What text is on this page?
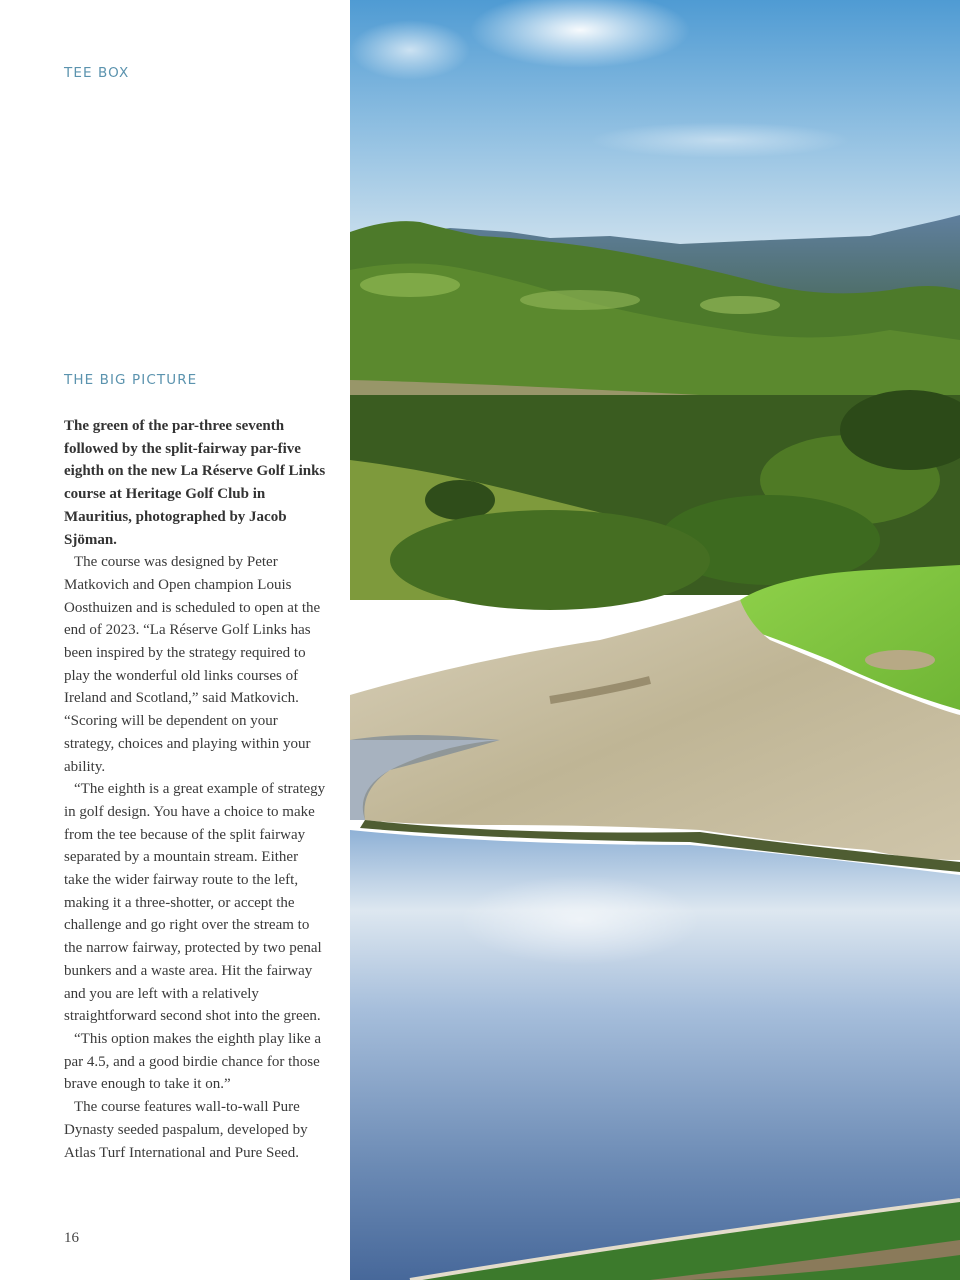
TEE BOX
THE BIG PICTURE

The green of the par-three seventh followed by the split-fairway par-five eighth on the new La Réserve Golf Links course at Heritage Golf Club in Mauritius, photographed by Jacob Sjöman.

The course was designed by Peter Matkovich and Open champion Louis Oosthuizen and is scheduled to open at the end of 2023. “La Réserve Golf Links has been inspired by the strategy required to play the wonderful old links courses of Ireland and Scotland,” said Matkovich. “Scoring will be dependent on your strategy, choices and playing within your ability.

“The eighth is a great example of strategy in golf design. You have a choice to make from the tee because of the split fairway separated by a mountain stream. Either take the wider fairway route to the left, making it a three-shotter, or accept the challenge and go right over the stream to the narrow fairway, protected by two penal bunkers and a waste area. Hit the fairway and you are left with a relatively straightforward second shot into the green.

“This option makes the eighth play like a par 4.5, and a good birdie chance for those brave enough to take it on.”

The course features wall-to-wall Pure Dynasty seeded paspalum, developed by Atlas Turf International and Pure Seed.

16
